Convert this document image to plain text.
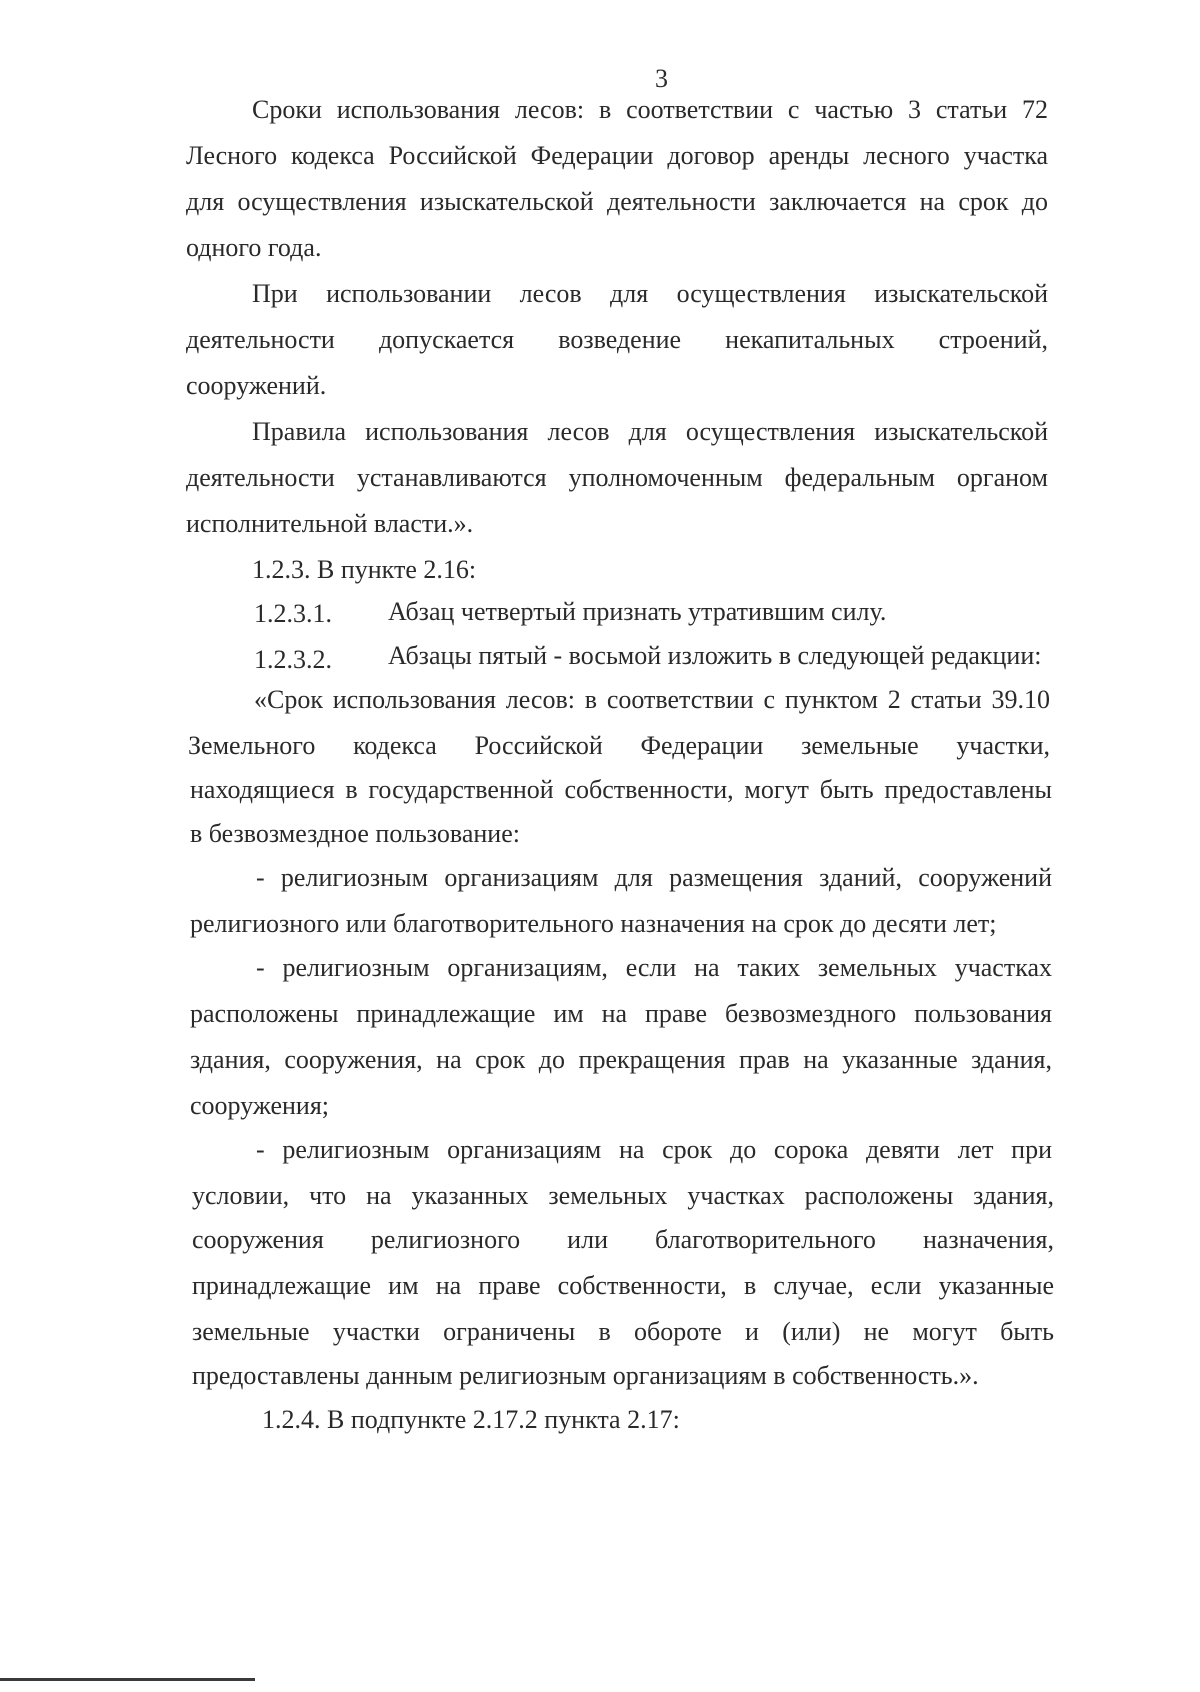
3
Сроки использования лесов: в соответствии с частью 3 статьи 72
Лесного кодекса Российской Федерации договор аренды лесного участка
для осуществления изыскательской деятельности заключается на срок до
одного года.
При использовании лесов для осуществления изыскательской
деятельности допускается возведение некапитальных строений,
сооружений.
Правила использования лесов для осуществления изыскательской
деятельности устанавливаются уполномоченным федеральным органом
исполнительной власти.».
1.2.3. В пункте 2.16:
1.2.3.1. Абзац четвертый признать утратившим силу.
1.2.3.2. Абзацы пятый - восьмой изложить в следующей редакции:
«Срок использования лесов: в соответствии с пунктом 2 статьи 39.10
Земельного кодекса Российской Федерации земельные участки,
находящиеся в государственной собственности, могут быть предоставлены
в безвозмездное пользование:
- религиозным организациям для размещения зданий, сооружений
религиозного или благотворительного назначения на срок до десяти лет;
- религиозным организациям, если на таких земельных участках
расположены принадлежащие им на праве безвозмездного пользования
здания, сооружения, на срок до прекращения прав на указанные здания,
сооружения;
- религиозным организациям на срок до сорока девяти лет при
условии, что на указанных земельных участках расположены здания,
сооружения религиозного или благотворительного назначения,
принадлежащие им на праве собственности, в случае, если указанные
земельные участки ограничены в обороте и (или) не могут быть
предоставлены данным религиозным организациям в собственность.».
1.2.4. В подпункте 2.17.2 пункта 2.17:
